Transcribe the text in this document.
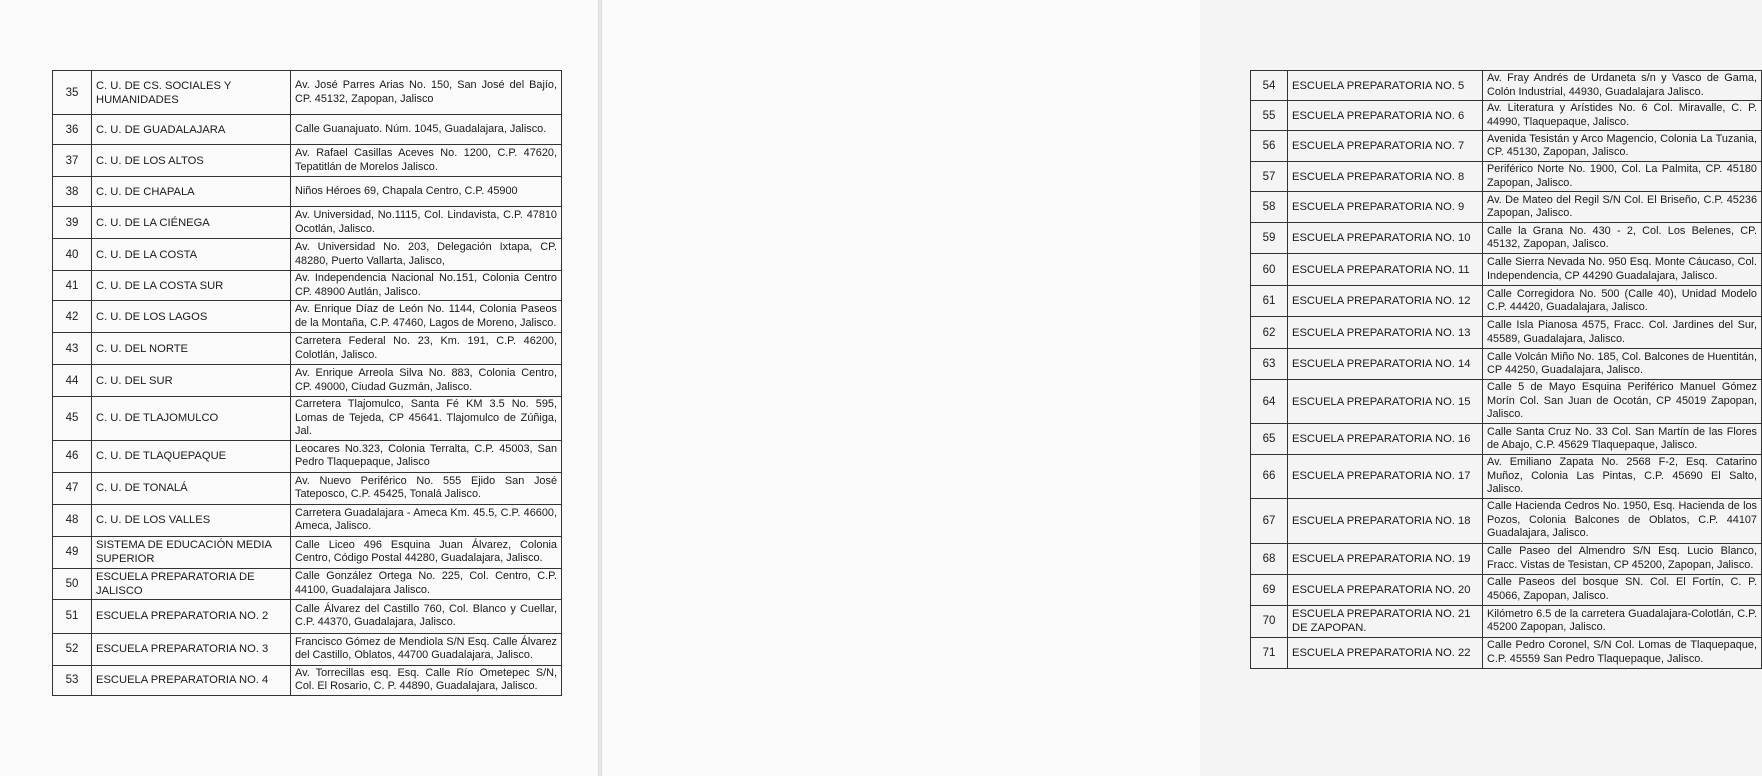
35	C. U. DE CS. SOCIALES Y HUMANIDADES	Av. José Parres Arias No. 150, San José del Bajío, CP. 45132, Zapopan, Jalisco
36	C. U. DE GUADALAJARA	Calle Guanajuato. Núm. 1045, Guadalajara, Jalisco.
37	C. U. DE LOS ALTOS	Av. Rafael Casillas Aceves No. 1200, C.P. 47620, Tepatitlán de Morelos Jalisco.
38	C. U. DE CHAPALA	Niños Héroes 69, Chapala Centro, C.P. 45900
39	C. U. DE LA CIÉNEGA	Av. Universidad, No.1115, Col. Lindavista, C.P. 47810 Ocotlán, Jalisco.
40	C. U. DE LA COSTA	Av. Universidad No. 203, Delegación Ixtapa, CP. 48280, Puerto Vallarta, Jalisco,
41	C. U. DE LA COSTA SUR	Av. Independencia Nacional No.151, Colonia Centro CP. 48900 Autlán, Jalisco.
42	C. U. DE LOS LAGOS	Av. Enrique Díaz de León No. 1144, Colonia Paseos de la Montaña, C.P. 47460, Lagos de Moreno, Jalisco.
43	C. U. DEL NORTE	Carretera Federal No. 23, Km. 191, C.P. 46200, Colotlán, Jalisco.
44	C. U. DEL SUR	Av. Enrique Arreola Silva No. 883, Colonia Centro, CP. 49000, Ciudad Guzmán, Jalisco.
45	C. U. DE TLAJOMULCO	Carretera Tlajomulco, Santa Fé KM 3.5 No. 595, Lomas de Tejeda, CP 45641. Tlajomulco de Zúñiga, Jal.
46	C. U. DE TLAQUEPAQUE	Leocares No.323, Colonia Terralta, C.P. 45003, San Pedro Tlaquepaque, Jalisco
47	C. U. DE TONALÁ	Av. Nuevo Periférico No. 555 Ejido San José Tateposco, C.P. 45425, Tonalá Jalisco.
48	C. U. DE LOS VALLES	Carretera Guadalajara - Ameca Km. 45.5, C.P. 46600, Ameca, Jalisco.
49	SISTEMA DE EDUCACIÓN MEDIA SUPERIOR	Calle Liceo 496 Esquina Juan Álvarez, Colonia Centro, Código Postal 44280, Guadalajara, Jalisco.
50	ESCUELA PREPARATORIA DE JALISCO	Calle González Ortega No. 225, Col. Centro, C.P. 44100, Guadalajara Jalisco.
51	ESCUELA PREPARATORIA NO. 2	Calle Álvarez del Castillo 760, Col. Blanco y Cuellar, C.P. 44370, Guadalajara, Jalisco.
52	ESCUELA PREPARATORIA NO. 3	Francisco Gómez de Mendiola S/N Esq. Calle Álvarez del Castillo, Oblatos, 44700 Guadalajara, Jalisco.
53	ESCUELA PREPARATORIA NO. 4	Av. Torrecillas esq. Esq. Calle Río Ometepec S/N, Col. El Rosario, C. P. 44890, Guadalajara, Jalisco.
54	ESCUELA PREPARATORIA NO. 5	Av. Fray Andrés de Urdaneta s/n y Vasco de Gama, Colón Industrial, 44930, Guadalajara Jalisco.
55	ESCUELA PREPARATORIA NO. 6	Av. Literatura y Arístides No. 6 Col. Miravalle, C. P. 44990, Tlaquepaque, Jalisco.
56	ESCUELA PREPARATORIA NO. 7	Avenida Tesistán y Arco Magencio, Colonia La Tuzania, CP. 45130, Zapopan, Jalisco.
57	ESCUELA PREPARATORIA NO. 8	Periférico Norte No. 1900, Col. La Palmita, CP. 45180 Zapopan, Jalisco.
58	ESCUELA PREPARATORIA NO. 9	Av. De Mateo del Regil S/N Col. El Briseño, C.P. 45236 Zapopan, Jalisco.
59	ESCUELA PREPARATORIA NO. 10	Calle la Grana No. 430 - 2, Col. Los Belenes, CP. 45132, Zapopan, Jalisco.
60	ESCUELA PREPARATORIA NO. 11	Calle Sierra Nevada No. 950 Esq. Monte Cáucaso, Col. Independencia, CP 44290 Guadalajara, Jalisco.
61	ESCUELA PREPARATORIA NO. 12	Calle Corregidora No. 500 (Calle 40), Unidad Modelo C.P. 44420, Guadalajara, Jalisco.
62	ESCUELA PREPARATORIA NO. 13	Calle Isla Pianosa 4575, Fracc. Col. Jardines del Sur, 45589, Guadalajara, Jalisco.
63	ESCUELA PREPARATORIA NO. 14	Calle Volcán Miño No. 185, Col. Balcones de Huentitán, CP 44250, Guadalajara, Jalisco.
64	ESCUELA PREPARATORIA NO. 15	Calle 5 de Mayo Esquina Periférico Manuel Gómez Morín Col. San Juan de Ocotán, CP 45019 Zapopan, Jalisco.
65	ESCUELA PREPARATORIA NO. 16	Calle Santa Cruz No. 33 Col. San Martín de las Flores de Abajo, C.P. 45629 Tlaquepaque, Jalisco.
66	ESCUELA PREPARATORIA NO. 17	Av. Emiliano Zapata No. 2568 F-2, Esq. Catarino Muñoz, Colonia Las Pintas, C.P. 45690 El Salto, Jalisco.
67	ESCUELA PREPARATORIA NO. 18	Calle Hacienda Cedros No. 1950, Esq. Hacienda de los Pozos, Colonia Balcones de Oblatos, C.P. 44107 Guadalajara, Jalisco.
68	ESCUELA PREPARATORIA NO. 19	Calle Paseo del Almendro S/N Esq. Lucio Blanco, Fracc. Vistas de Tesistan, CP 45200, Zapopan, Jalisco.
69	ESCUELA PREPARATORIA NO. 20	Calle Paseos del bosque SN. Col. El Fortín, C. P. 45066, Zapopan, Jalisco.
70	ESCUELA PREPARATORIA NO. 21 DE ZAPOPAN.	Kilómetro 6.5 de la carretera Guadalajara-Colotlán, C.P. 45200 Zapopan, Jalisco.
71	ESCUELA PREPARATORIA NO. 22	Calle Pedro Coronel, S/N Col. Lomas de Tlaquepaque, C.P. 45559 San Pedro Tlaquepaque, Jalisco.
